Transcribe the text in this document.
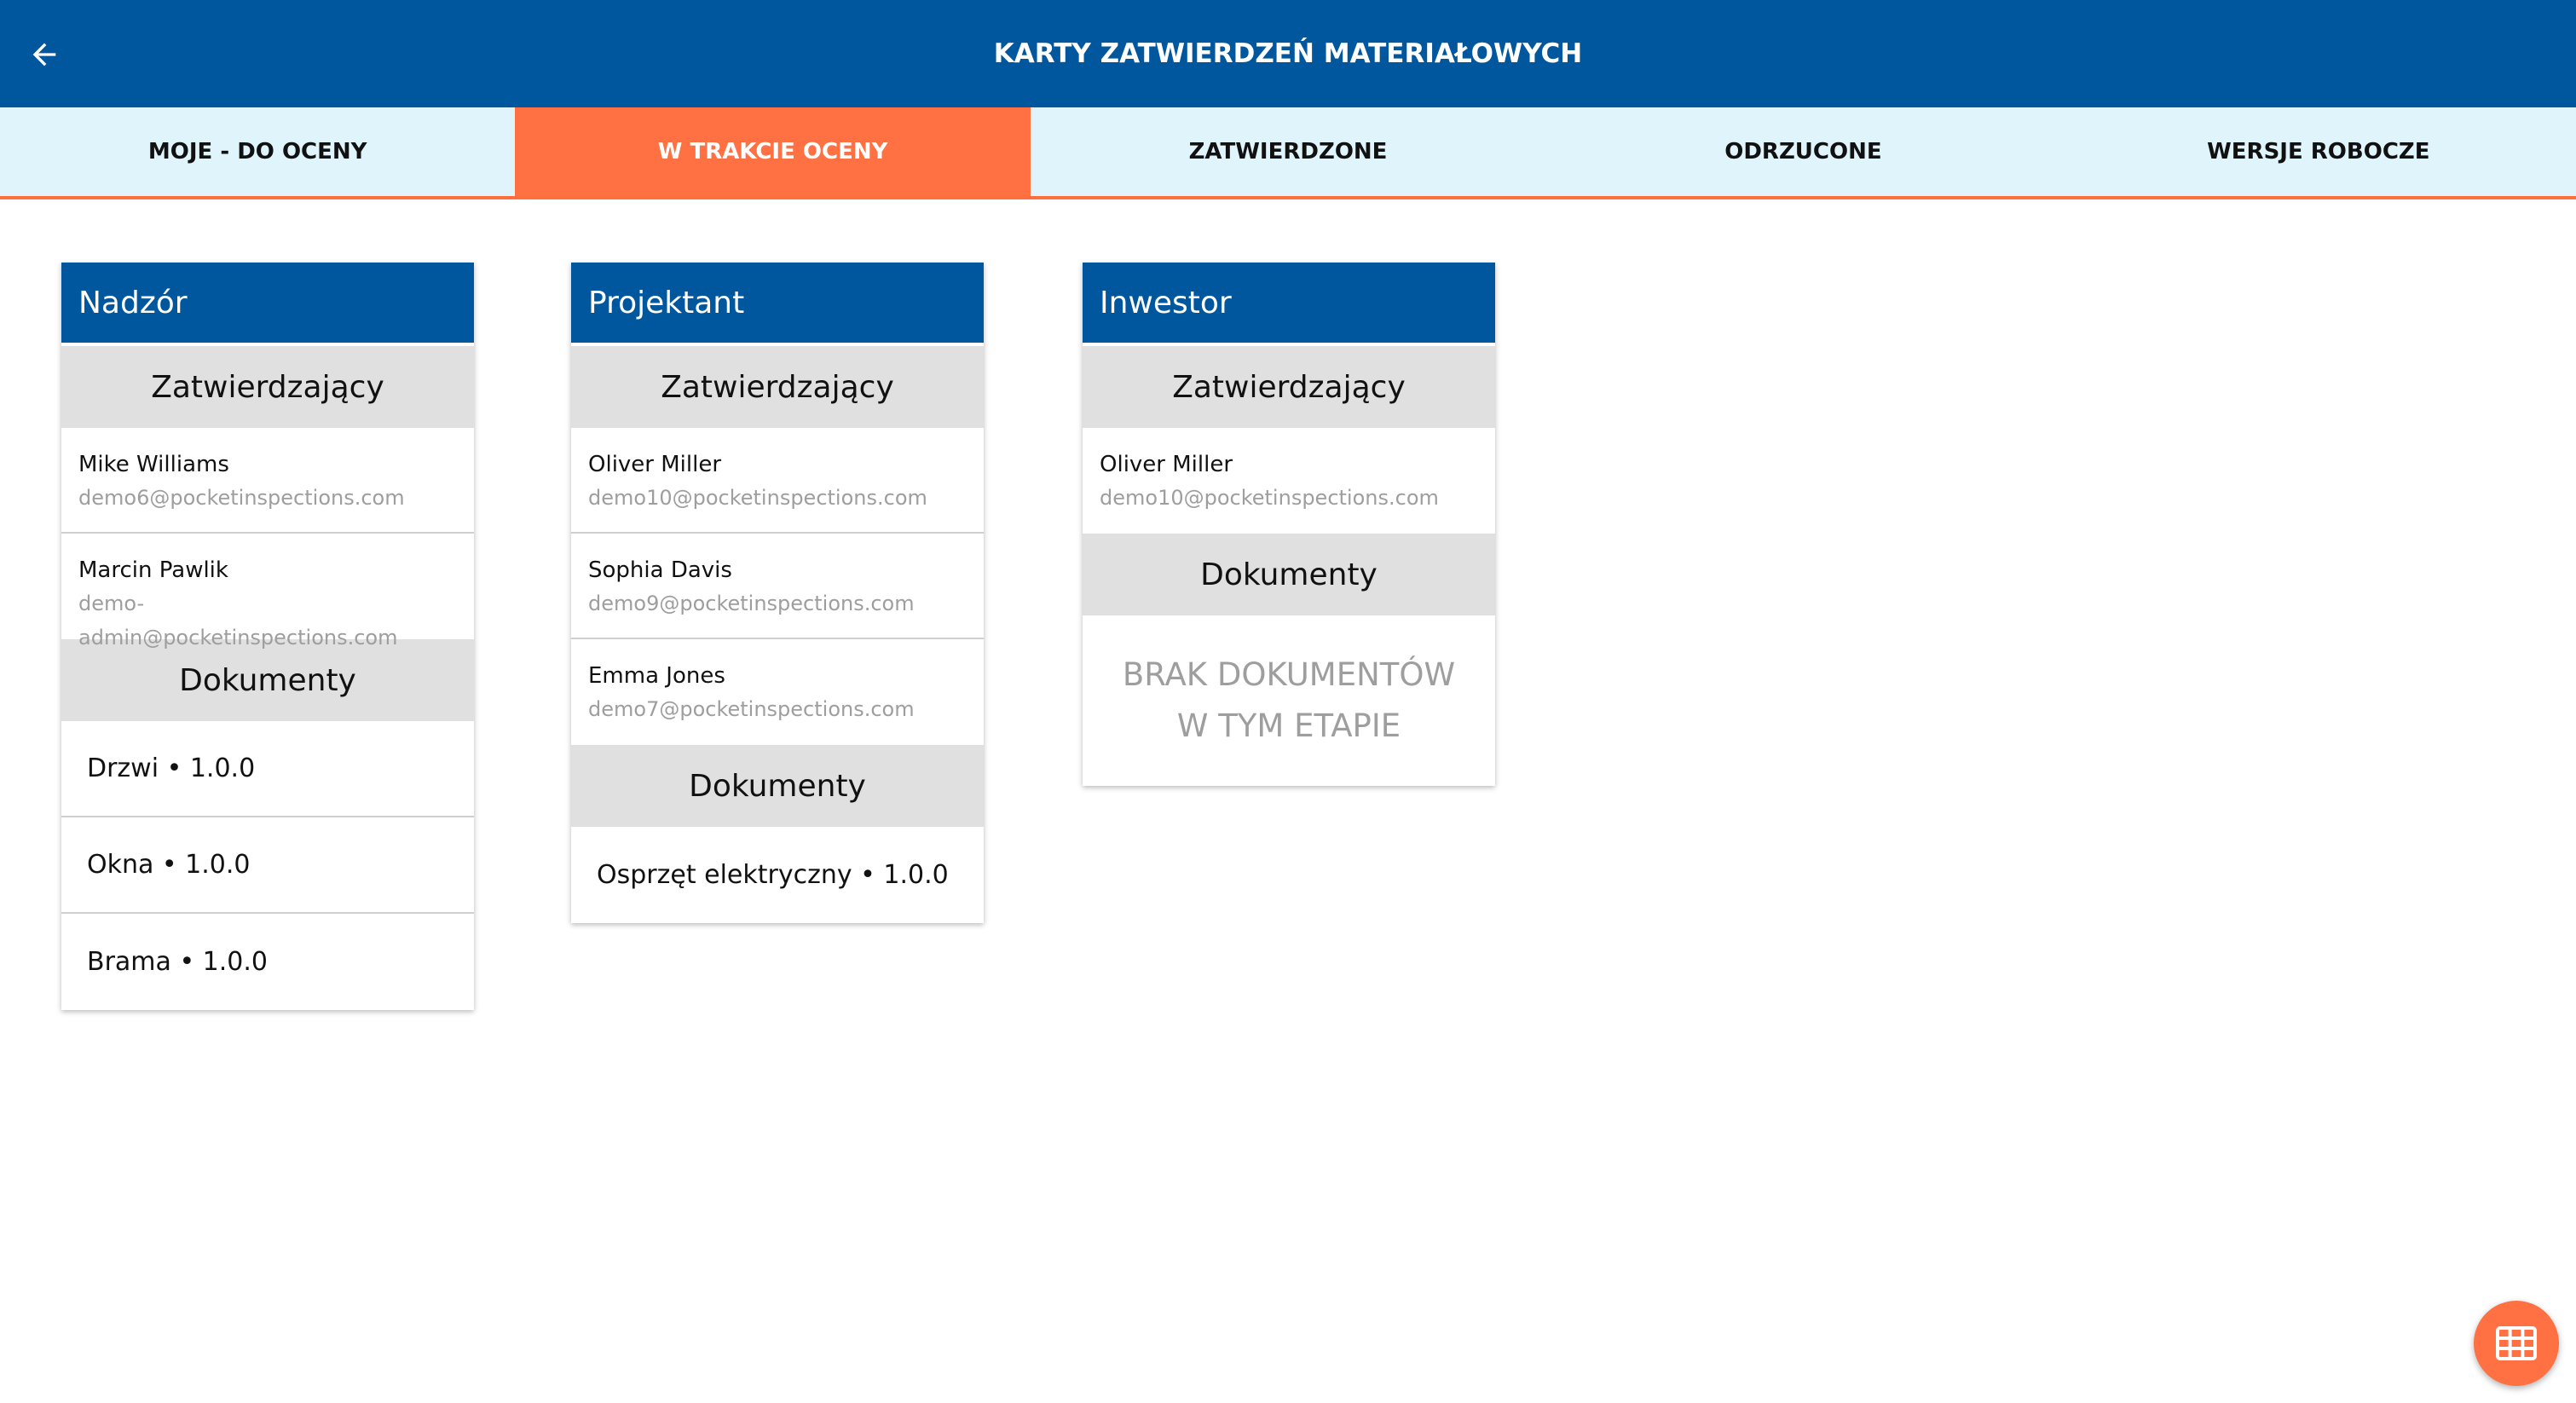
KARTY ZATWIERDZEŃ MATERIAŁOWYCH
MOJE - DO OCENY	W TRAKCIE OCENY	ZATWIERDZONE	ODRZUCONE	WERSJE ROBOCZE
Nadzór
Zatwierdzający
Mike Williams
demo6@pocketinspections.com
Marcin Pawlik
demo-admin@pocketinspections.com
Dokumenty
Drzwi • 1.0.0
Okna • 1.0.0
Brama • 1.0.0
Projektant
Zatwierdzający
Oliver Miller
demo10@pocketinspections.com
Sophia Davis
demo9@pocketinspections.com
Emma Jones
demo7@pocketinspections.com
Dokumenty
Osprzęt elektryczny • 1.0.0
Inwestor
Zatwierdzający
Oliver Miller
demo10@pocketinspections.com
Dokumenty
BRAK DOKUMENTÓW W TYM ETAPIE
